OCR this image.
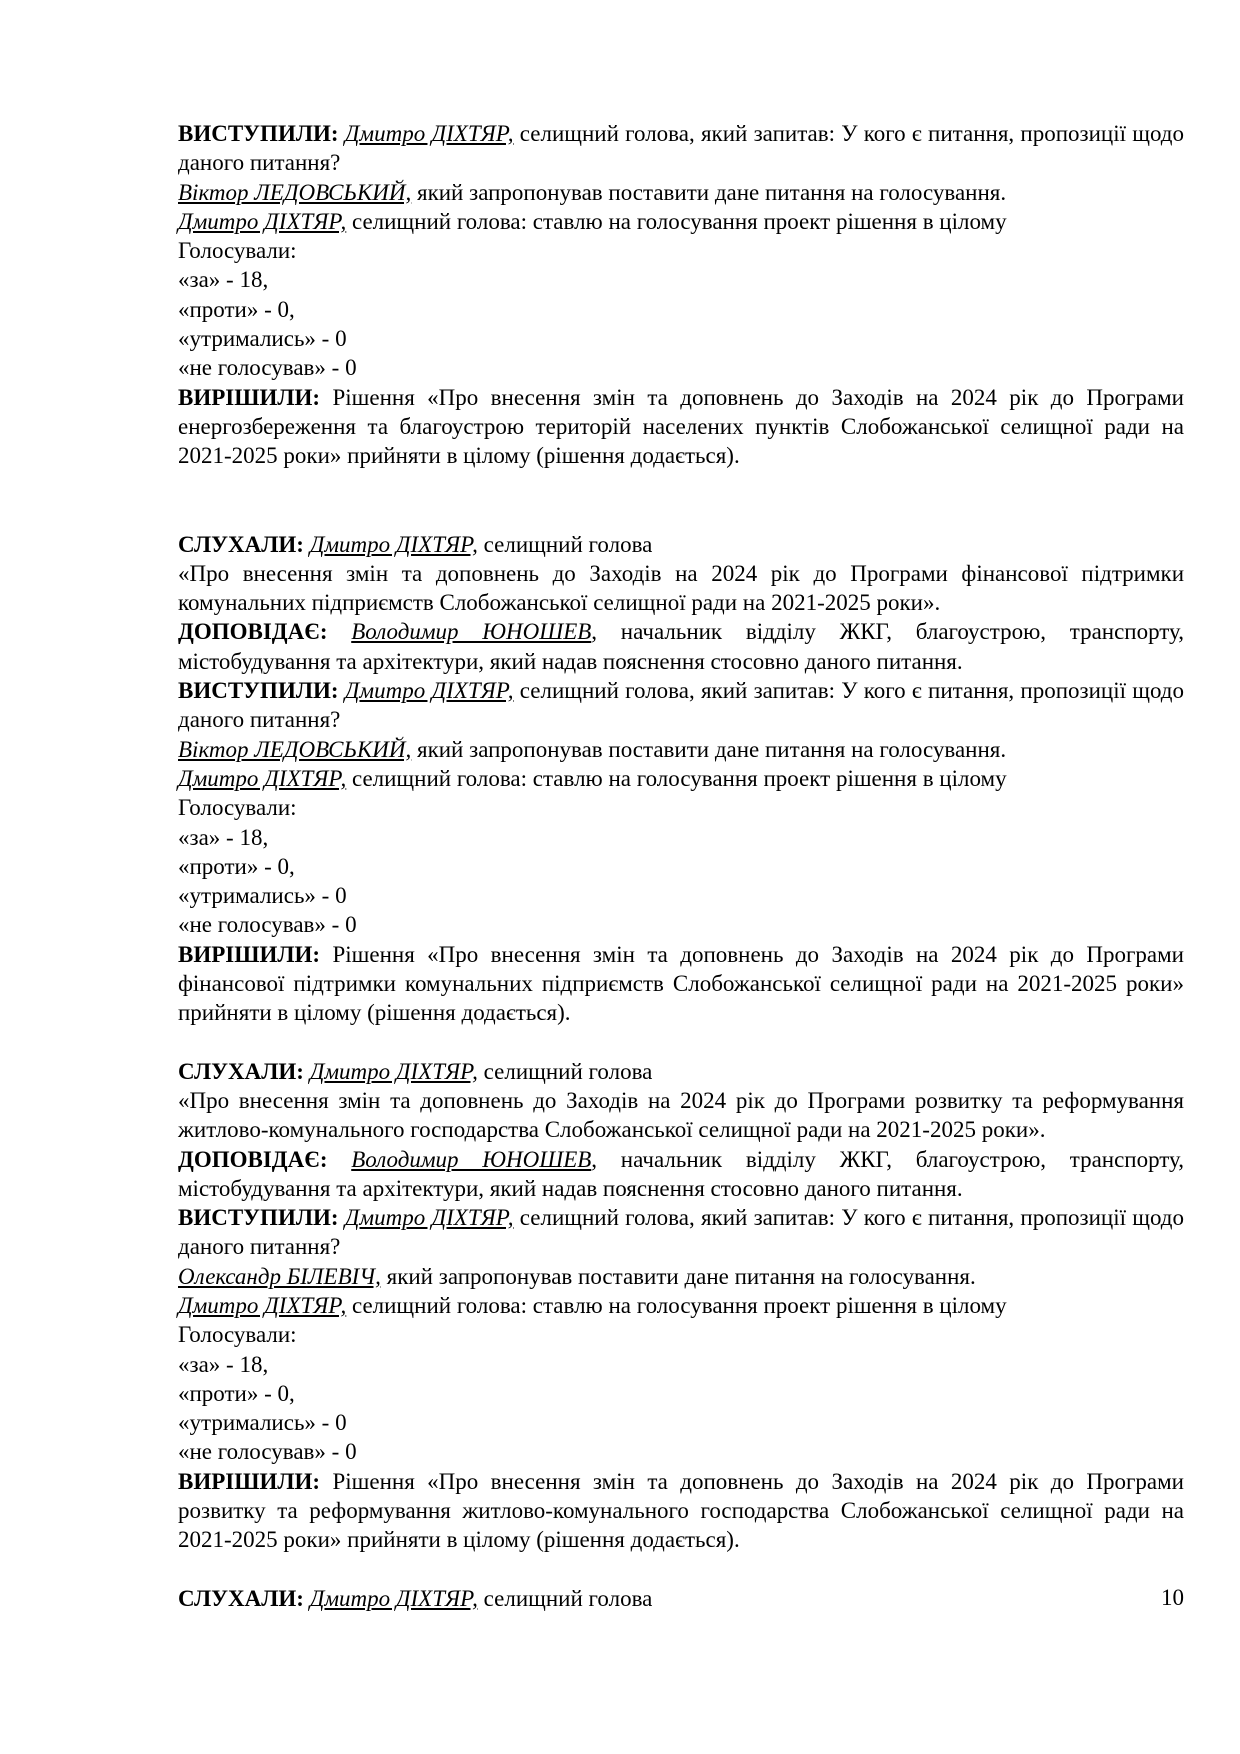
ВИСТУПИЛИ: Дмитро ДІХТЯР, селищний голова, який запитав: У кого є питання, пропозиції щодо даного питання?

Віктор ЛЕДОВСЬКИЙ, який запропонував поставити дане питання на голосування.

Дмитро ДІХТЯР, селищний голова: ставлю на голосування проект рішення в цілому

Голосували:

«за» - 18,

«проти» - 0,

«утримались» - 0

«не голосував» - 0

ВИРІШИЛИ: Рішення «Про внесення змін та доповнень до Заходів на 2024 рік до Програми енергозбереження та благоустрою територій населених пунктів Слобожанської селищної ради на 2021-2025 роки» прийняти в цілому (рішення додається).

СЛУХАЛИ: Дмитро ДІХТЯР, селищний голова

«Про внесення змін та доповнень до Заходів на 2024 рік до Програми фінансової підтримки комунальних підприємств Слобожанської селищної ради на 2021-2025 роки».

ДОПОВІДАЄ: Володимир ЮНОШЕВ, начальник відділу ЖКГ, благоустрою, транспорту, містобудування та архітектури, який надав пояснення стосовно даного питання.

ВИСТУПИЛИ: Дмитро ДІХТЯР, селищний голова, який запитав: У кого є питання, пропозиції щодо даного питання?

Віктор ЛЕДОВСЬКИЙ, який запропонував поставити дане питання на голосування.

Дмитро ДІХТЯР, селищний голова: ставлю на голосування проект рішення в цілому

Голосували:

«за» - 18,

«проти» - 0,

«утримались» - 0

«не голосував» - 0

ВИРІШИЛИ: Рішення «Про внесення змін та доповнень до Заходів на 2024 рік до Програми фінансової підтримки комунальних підприємств Слобожанської селищної ради на 2021-2025 роки» прийняти в цілому (рішення додається).

СЛУХАЛИ: Дмитро ДІХТЯР, селищний голова

«Про внесення змін та доповнень до Заходів на 2024 рік до Програми розвитку та реформування житлово-комунального господарства Слобожанської селищної ради на 2021-2025 роки».

ДОПОВІДАЄ: Володимир ЮНОШЕВ, начальник відділу ЖКГ, благоустрою, транспорту, містобудування та архітектури, який надав пояснення стосовно даного питання.

ВИСТУПИЛИ: Дмитро ДІХТЯР, селищний голова, який запитав: У кого є питання, пропозиції щодо даного питання?

Олександр БІЛЕВІЧ, який запропонував поставити дане питання на голосування.

Дмитро ДІХТЯР, селищний голова: ставлю на голосування проект рішення в цілому

Голосували:

«за» - 18,

«проти» - 0,

«утримались» - 0

«не голосував» - 0

ВИРІШИЛИ: Рішення «Про внесення змін та доповнень до Заходів на 2024 рік до Програми розвитку та реформування житлово-комунального господарства Слобожанської селищної ради на 2021-2025 роки» прийняти в цілому (рішення додається).

СЛУХАЛИ: Дмитро ДІХТЯР, селищний голова	10
